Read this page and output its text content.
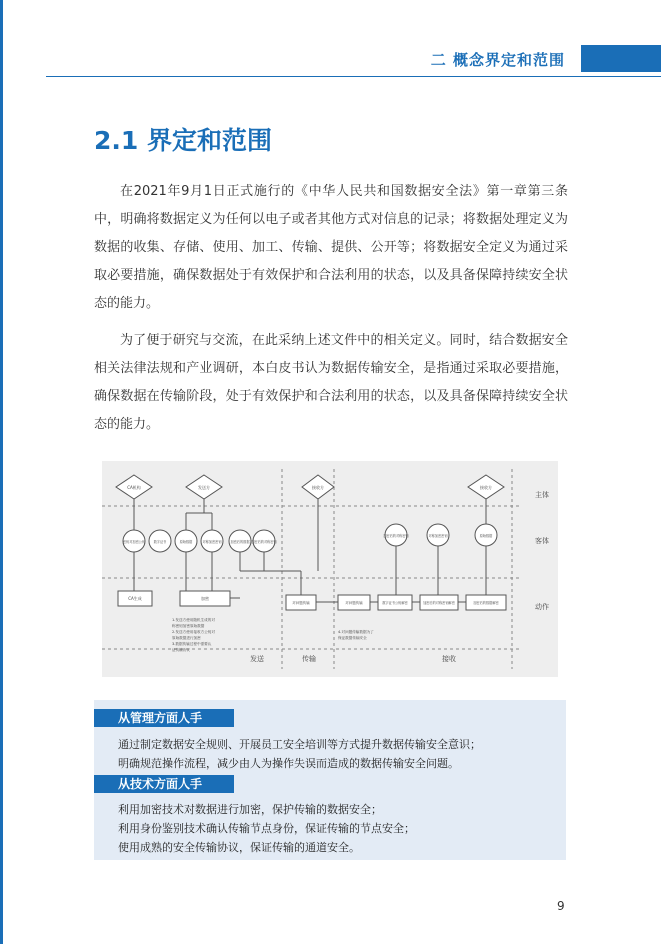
二 概念界定和范围
2.1 界定和范围
在2021年9月1日正式施行的《中华人民共和国数据安全法》第一章第三条中，明确将数据定义为任何以电子或者其他方式对信息的记录；将数据处理定义为数据的收集、存储、使用、加工、传输、提供、公开等；将数据安全定义为通过采取必要措施，确保数据处于有效保护和合法利用的状态，以及具备保障持续安全状态的能力。
为了便于研究与交流，在此采纳上述文件中的相关定义。同时，结合数据安全相关法律法规和产业调研，本白皮书认为数据传输安全，是指通过采取必要措施，确保数据在传输阶段，处于有效保护和合法利用的状态，以及具备保障持续安全状态的能力。
主体
客体
动作
发送	传输	接收
CA机构	发送方	接收方	接收方
密钥对加密公钥	数字证书	原始数据	对称加密密钥	加密后的数据 加密后的对称密钥
加密后的对称密钥	对称加密密钥	原始数据
CA生成	加密
对问题传输	对问题传输	数字证书公钥解密	加密后的对称密钥解密	加密后的数据解密
1.发送方使用随机生成的对
称密钥加密原始数据
2.发送方使用接收方公钥对
原始数据进行加密
3.数据传输过程中需要认
证传输协议
4.对问题传输数据为了
保证数据传输安全
从管理方面人手
通过制定数据安全规则、开展员工安全培训等方式提升数据传输安全意识；
明确规范操作流程，减少由人为操作失误而造成的数据传输安全问题。
从技术方面人手
利用加密技术对数据进行加密，保护传输的数据安全；
利用身份鉴别技术确认传输节点身份，保证传输的节点安全；
使用成熟的安全传输协议，保证传输的通道安全。
9
